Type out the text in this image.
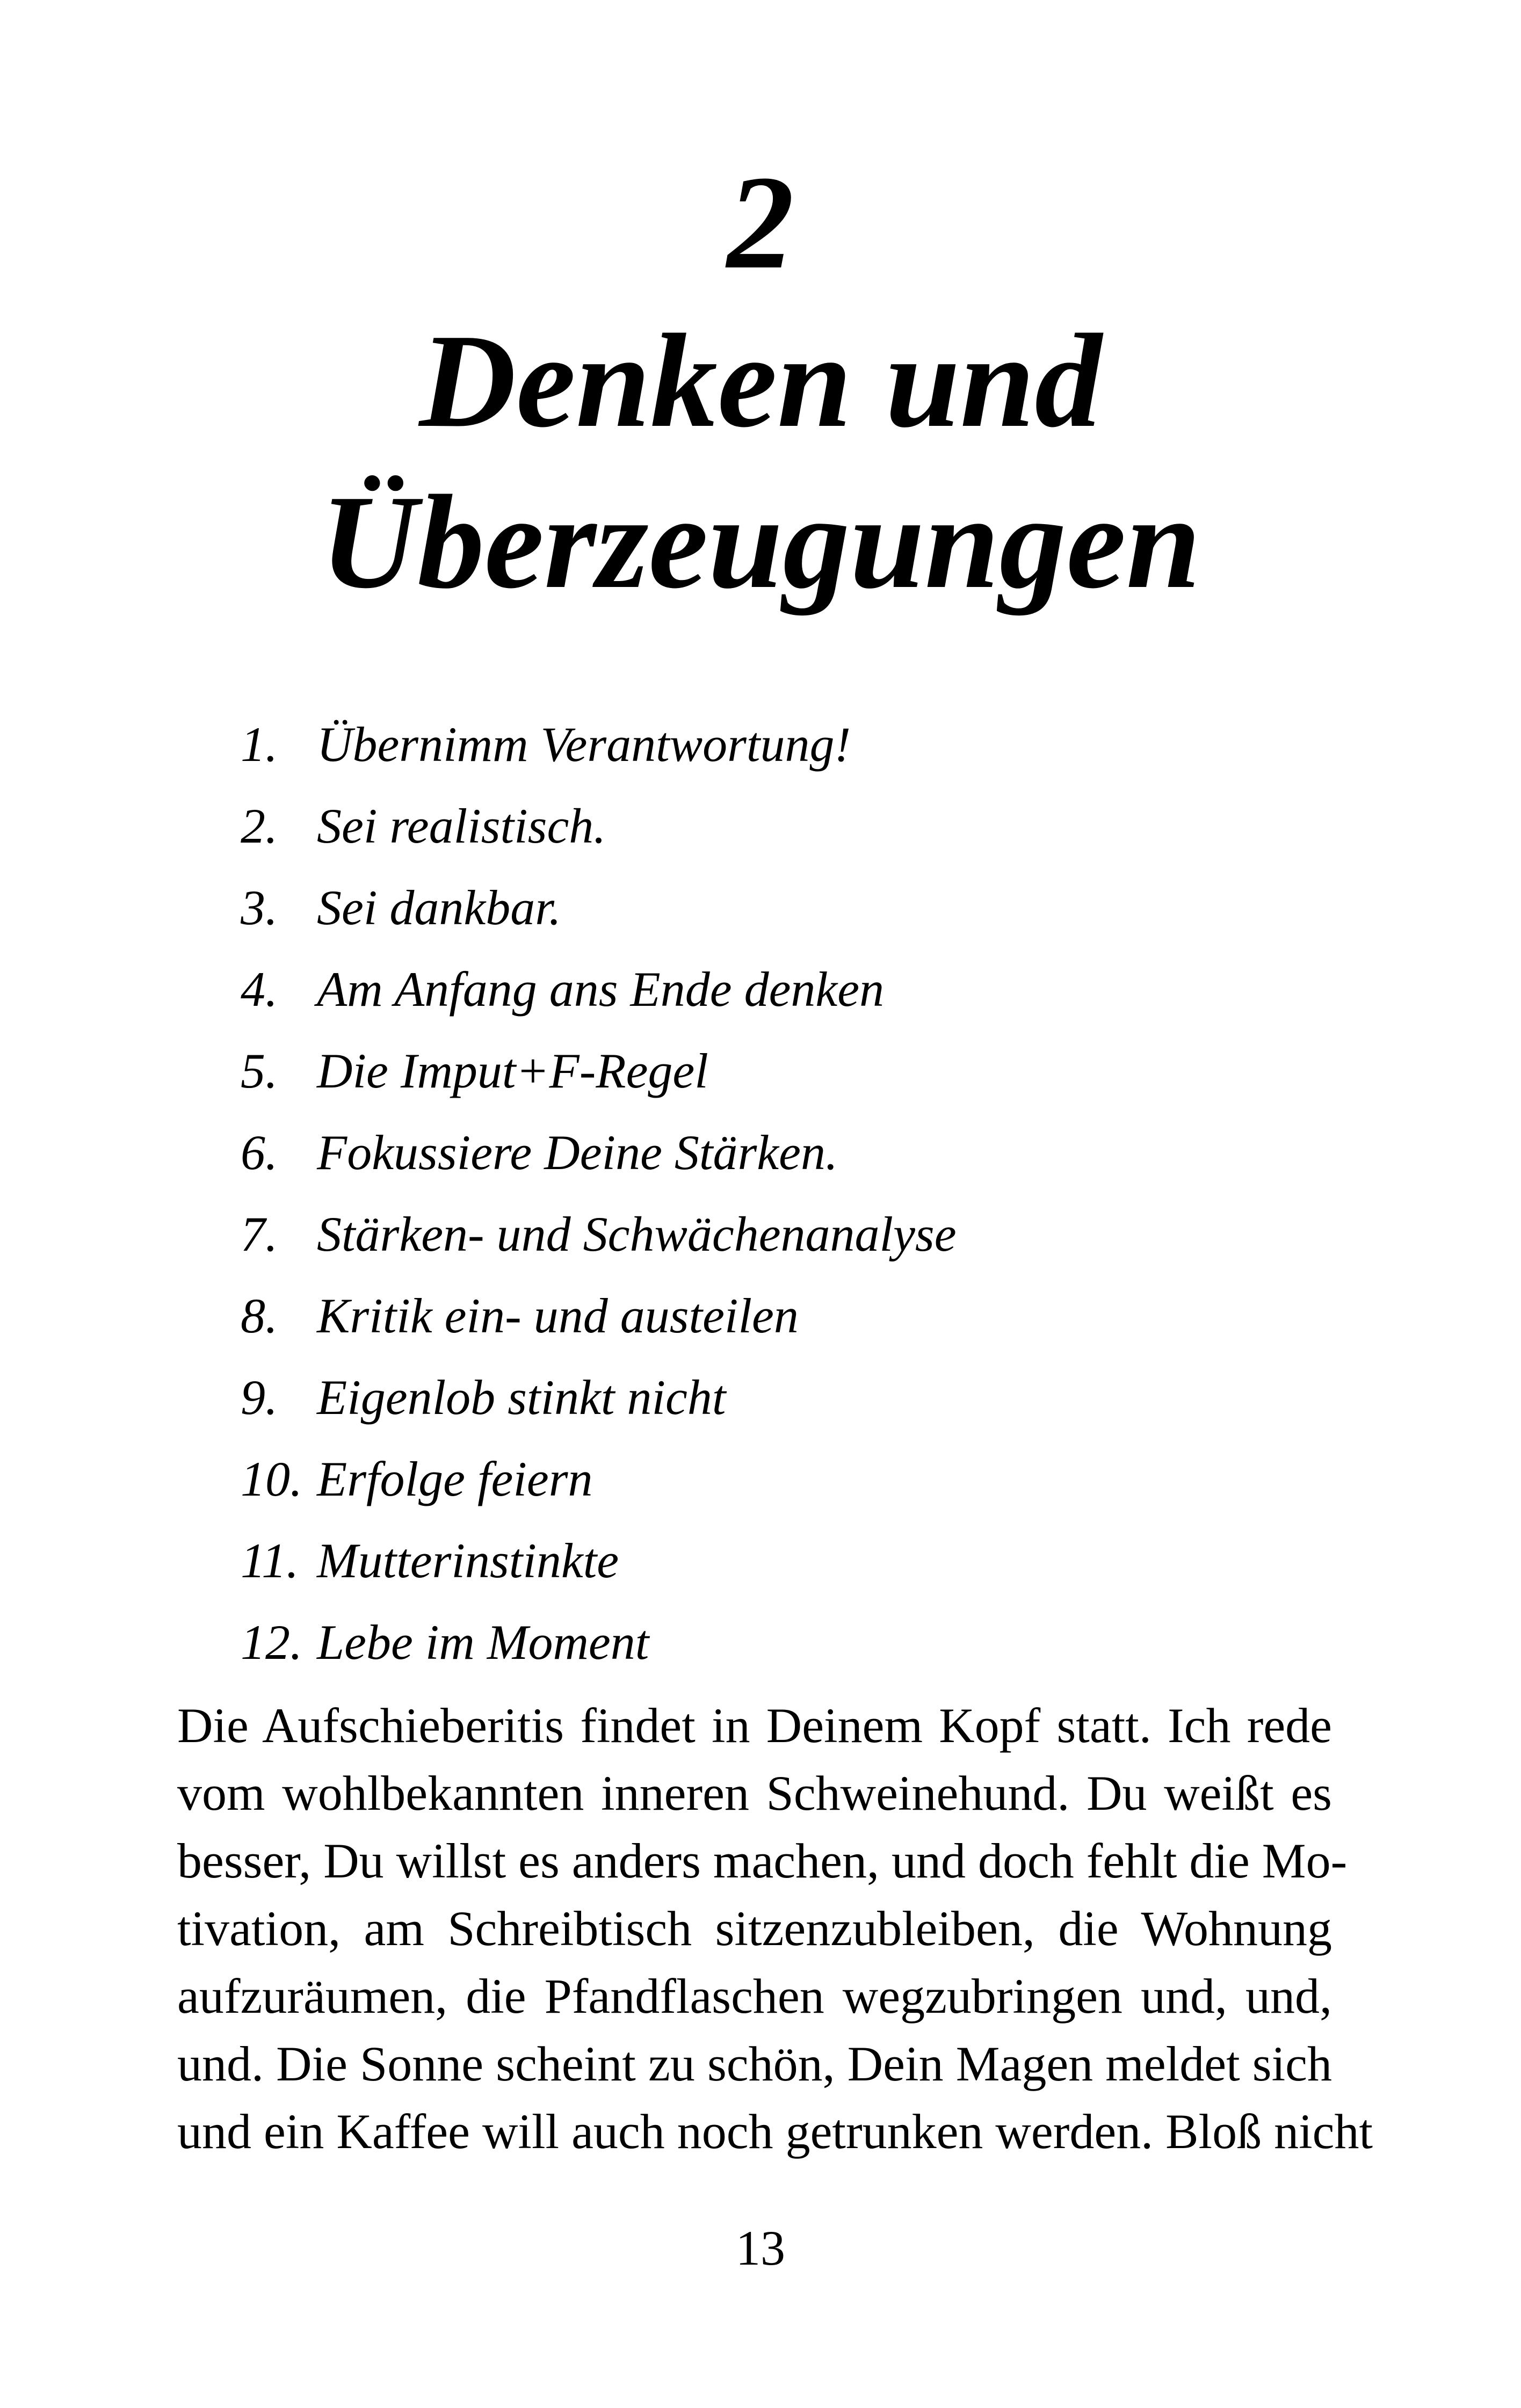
2
Denken und
Überzeugungen
1. Übernimm Verantwortung!
2. Sei realistisch.
3. Sei dankbar.
4. Am Anfang ans Ende denken
5. Die Imput+F-Regel
6. Fokussiere Deine Stärken.
7. Stärken- und Schwächenanalyse
8. Kritik ein- und austeilen
9. Eigenlob stinkt nicht
10. Erfolge feiern
11. Mutterinstinkte
12. Lebe im Moment
Die Aufschieberitis findet in Deinem Kopf statt. Ich rede
vom wohlbekannten inneren Schweinehund. Du weißt es
besser, Du willst es anders machen, und doch fehlt die Mo-
tivation, am Schreibtisch sitzenzubleiben, die Wohnung
aufzuräumen, die Pfandflaschen wegzubringen und, und,
und. Die Sonne scheint zu schön, Dein Magen meldet sich
und ein Kaffee will auch noch getrunken werden. Bloß nicht
13
